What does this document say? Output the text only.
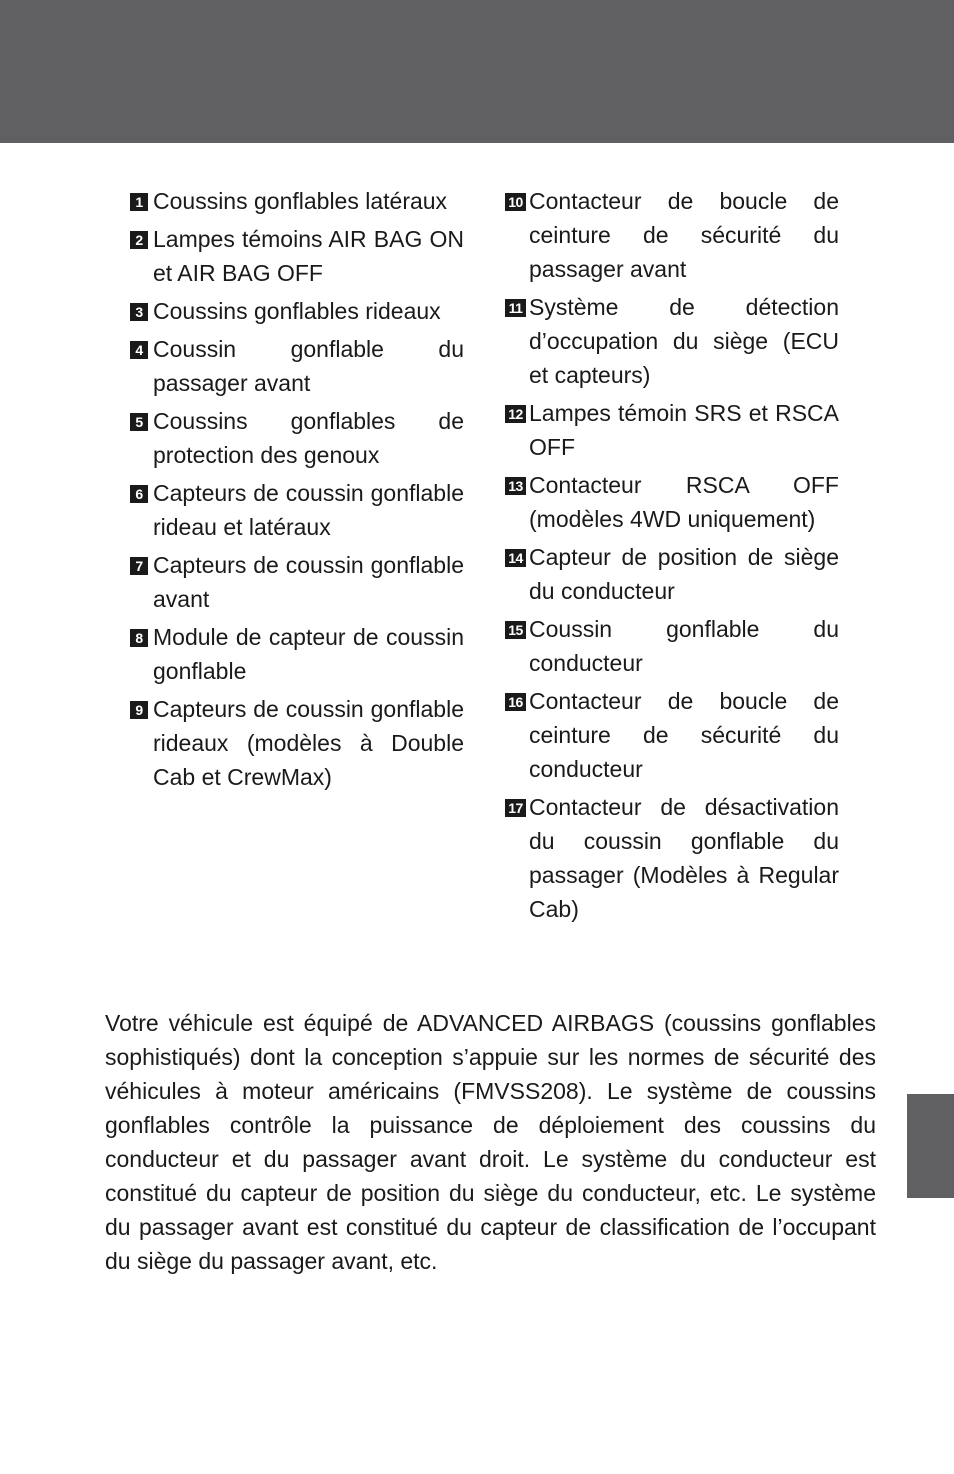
1 Coussins gonflables latéraux
2 Lampes témoins AIR BAG ON et AIR BAG OFF
3 Coussins gonflables rideaux
4 Coussin gonflable du passager avant
5 Coussins gonflables de protection des genoux
6 Capteurs de coussin gonflable rideau et latéraux
7 Capteurs de coussin gonflable avant
8 Module de capteur de coussin gonflable
9 Capteurs de coussin gonflable rideaux (modèles à Double Cab et CrewMax)
10 Contacteur de boucle de ceinture de sécurité du passager avant
11 Système de détection d’occupation du siège (ECU et capteurs)
12 Lampes témoin SRS et RSCA OFF
13 Contacteur RSCA OFF (modèles 4WD uniquement)
14 Capteur de position de siège du conducteur
15 Coussin gonflable du conducteur
16 Contacteur de boucle de ceinture de sécurité du conducteur
17 Contacteur de désactivation du coussin gonflable du passager (Modèles à Regular Cab)

Votre véhicule est équipé de ADVANCED AIRBAGS (coussins gonflables sophistiqués) dont la conception s’appuie sur les normes de sécurité des véhicules à moteur américains (FMVSS208). Le système de coussins gonflables contrôle la puissance de déploiement des coussins du conducteur et du passager avant droit. Le système du conducteur est constitué du capteur de position du siège du conducteur, etc. Le système du passager avant est constitué du capteur de classification de l’occupant du siège du passager avant, etc.
